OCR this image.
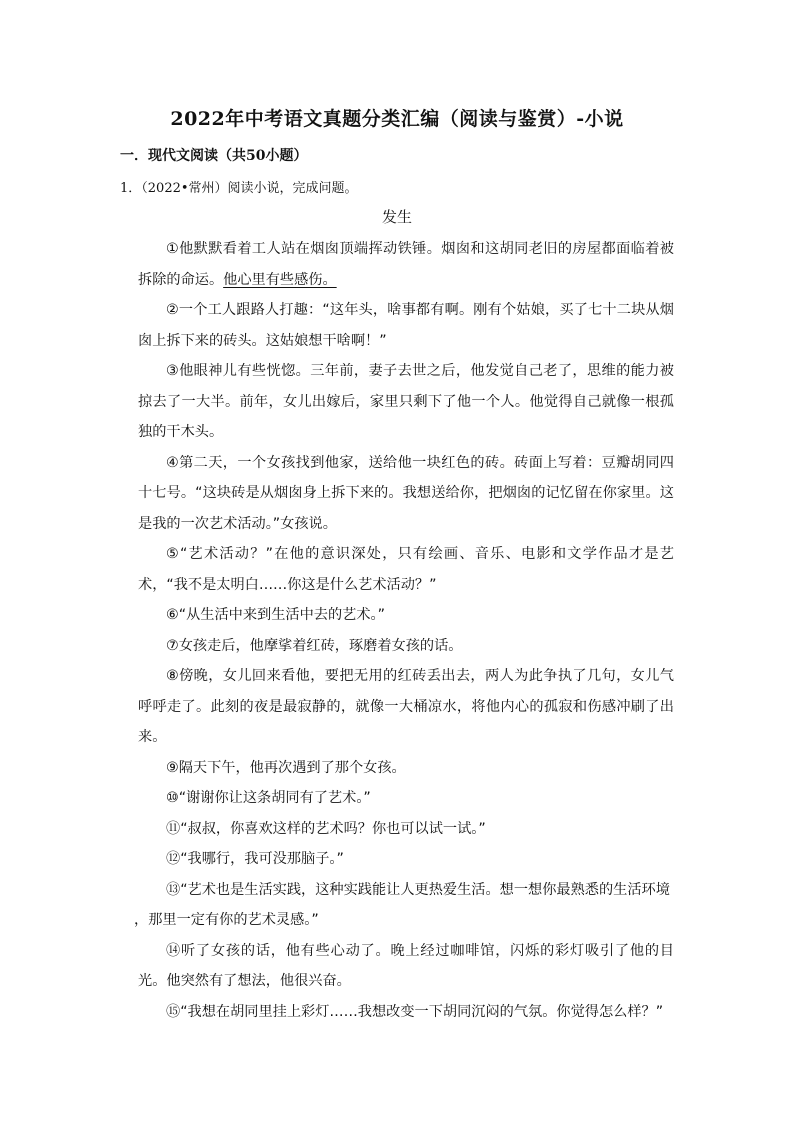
2022年中考语文真题分类汇编（阅读与鉴赏）-小说
一．现代文阅读（共50小题）
1．（2022•常州）阅读小说，完成问题。
发生

①他默默看着工人站在烟囱顶端挥动铁锤。烟囱和这胡同老旧的房屋都面临着被拆除的命运。他心里有些感伤。

②一个工人跟路人打趣：“这年头，啥事都有啊。刚有个姑娘，买了七十二块从烟囱上拆下来的砖头。这姑娘想干啥啊！”

③他眼神儿有些恍惚。三年前，妻子去世之后，他发觉自己老了，思维的能力被掠去了一大半。前年，女儿出嫁后，家里只剩下了他一个人。他觉得自己就像一根孤独的干木头。

④第二天，一个女孩找到他家，送给他一块红色的砖。砖面上写着：豆瓣胡同四十七号。“这块砖是从烟囱身上拆下来的。我想送给你，把烟囱的记忆留在你家里。这是我的一次艺术活动。”女孩说。

⑤“艺术活动？”在他的意识深处，只有绘画、音乐、电影和文学作品才是艺术，“我不是太明白……你这是什么艺术活动？”

⑥“从生活中来到生活中去的艺术。”

⑦女孩走后，他摩挲着红砖，琢磨着女孩的话。

⑧傍晚，女儿回来看他，要把无用的红砖丢出去，两人为此争执了几句，女儿气呼呼走了。此刻的夜是最寂静的，就像一大桶凉水，将他内心的孤寂和伤感冲刷了出来。

⑨隔天下午，他再次遇到了那个女孩。

⑩“谢谢你让这条胡同有了艺术。”

⑪“叔叔，你喜欢这样的艺术吗？你也可以试一试。”

⑫“我哪行，我可没那脑子。”

⑬“艺术也是生活实践，这种实践能让人更热爱生活。想一想你最熟悉的生活环境

，那里一定有你的艺术灵感。”

⑭听了女孩的话，他有些心动了。晚上经过咖啡馆，闪烁的彩灯吸引了他的目光。他突然有了想法，他很兴奋。

⑮“我想在胡同里挂上彩灯……我想改变一下胡同沉闷的气氛。你觉得怎么样？”
